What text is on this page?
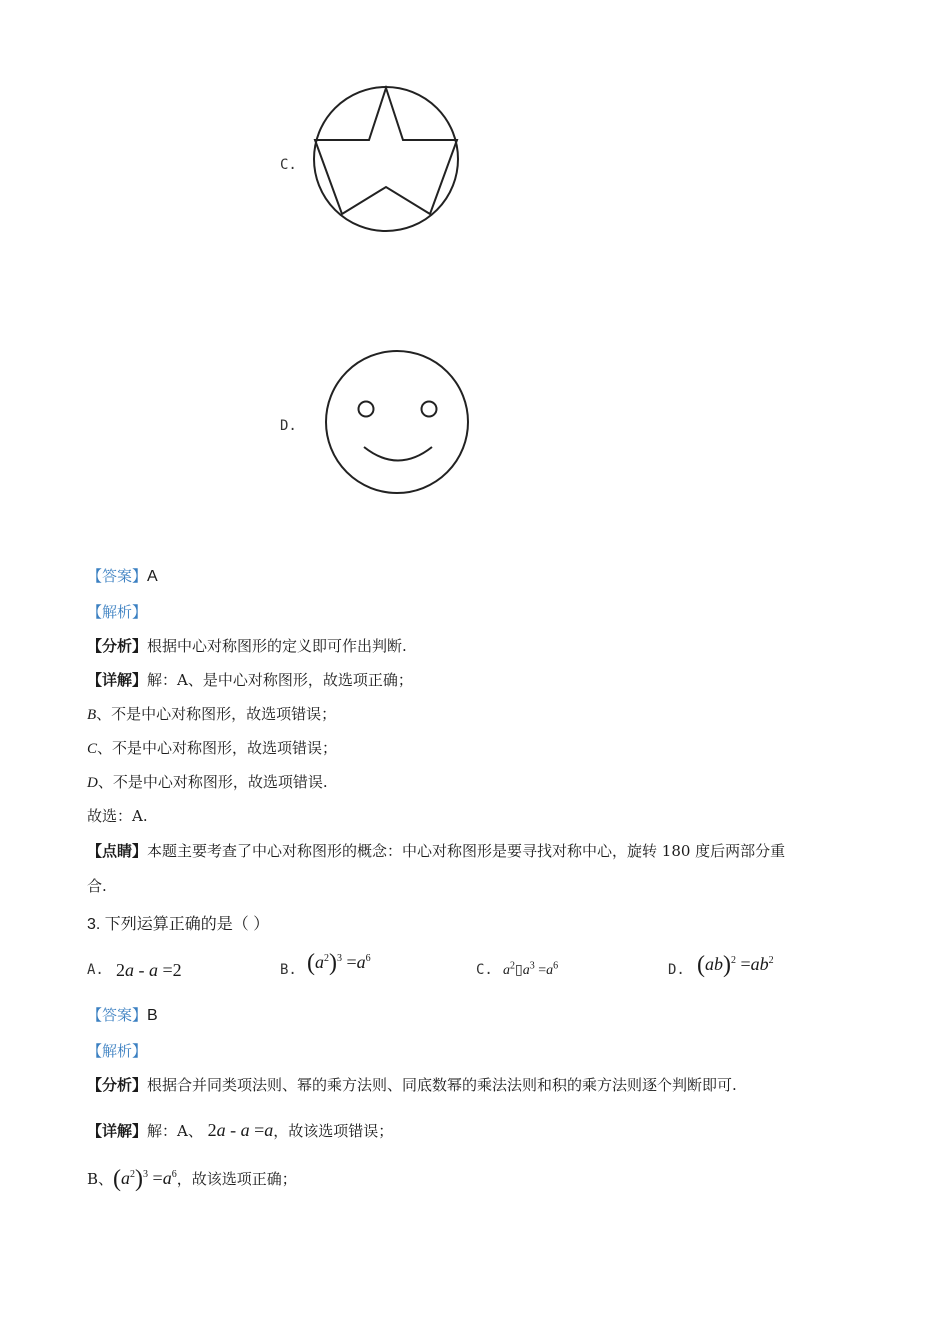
C.
D.
【答案】A
【解析】
【分析】根据中心对称图形的定义即可作出判断.
【详解】解：A、是中心对称图形，故选项正确；
B、不是中心对称图形，故选项错误；
C、不是中心对称图形，故选项错误；
D、不是中心对称图形，故选项错误.
故选：A.
【点睛】本题主要考查了中心对称图形的概念：中心对称图形是要寻找对称中心，旋转 180 度后两部分重
合.
3. 下列运算正确的是（ ）
A. 2a - a =2	B. $(a^2)^3 =a^6$
C. $a^2▯a^3 =a^6$	D. $(ab)^2 =ab^2$
【答案】B
【解析】
【分析】根据合并同类项法则、幂的乘方法则、同底数幂的乘法法则和积的乘方法则逐个判断即可.
【详解】解：A、 2a - a =a，故该选项错误；
B、$(a^2)^3 =a^6$，故该选项正确；
